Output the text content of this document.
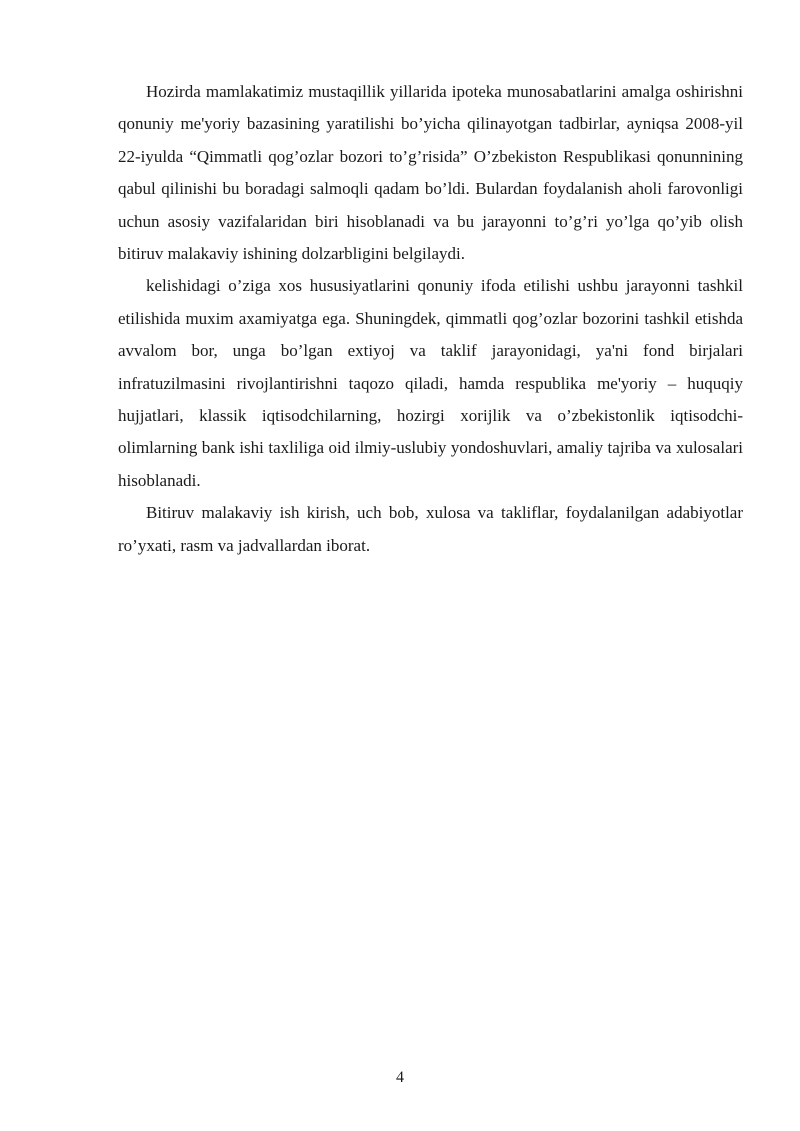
Hozirda mamlakatimiz mustaqillik yillarida ipoteka munosabatlarini amalga oshirishni qonuniy me'yoriy bazasining yaratilishi bo’yicha qilinayotgan tadbirlar, ayniqsa 2008-yil 22-iyulda “Qimmatli qog’ozlar bozori to’g’risida” O’zbekiston Respublikasi qonunnining qabul qilinishi bu boradagi salmoqli qadam bo’ldi. Bulardan foydalanish aholi farovonligi uchun asosiy vazifalaridan biri hisoblanadi va bu jarayonni to’g’ri yo’lga qo’yib olish bitiruv malakaviy ishining dolzarbligini belgilaydi.

kelishidagi o’ziga xos hususiyatlarini qonuniy ifoda etilishi ushbu jarayonni tashkil etilishida muxim axamiyatga ega. Shuningdek, qimmatli qog’ozlar bozorini tashkil etishda avvalom bor, unga bo’lgan extiyoj va taklif jarayonidagi, ya'ni fond birjalari infratuzilmasini rivojlantirishni taqozo qiladi, hamda respublika me'yoriy – huquqiy hujjatlari, klassik iqtisodchilarning, hozirgi xorijlik va o’zbekistonlik iqtisodchi-olimlarning bank ishi taxliliga oid ilmiy-uslubiy yondoshuvlari, amaliy tajriba va xulosalari hisoblanadi.

Bitiruv malakaviy ish kirish, uch bob, xulosa va takliflar, foydalanilgan adabiyotlar ro’yxati, rasm va jadvallardan iborat.

4
